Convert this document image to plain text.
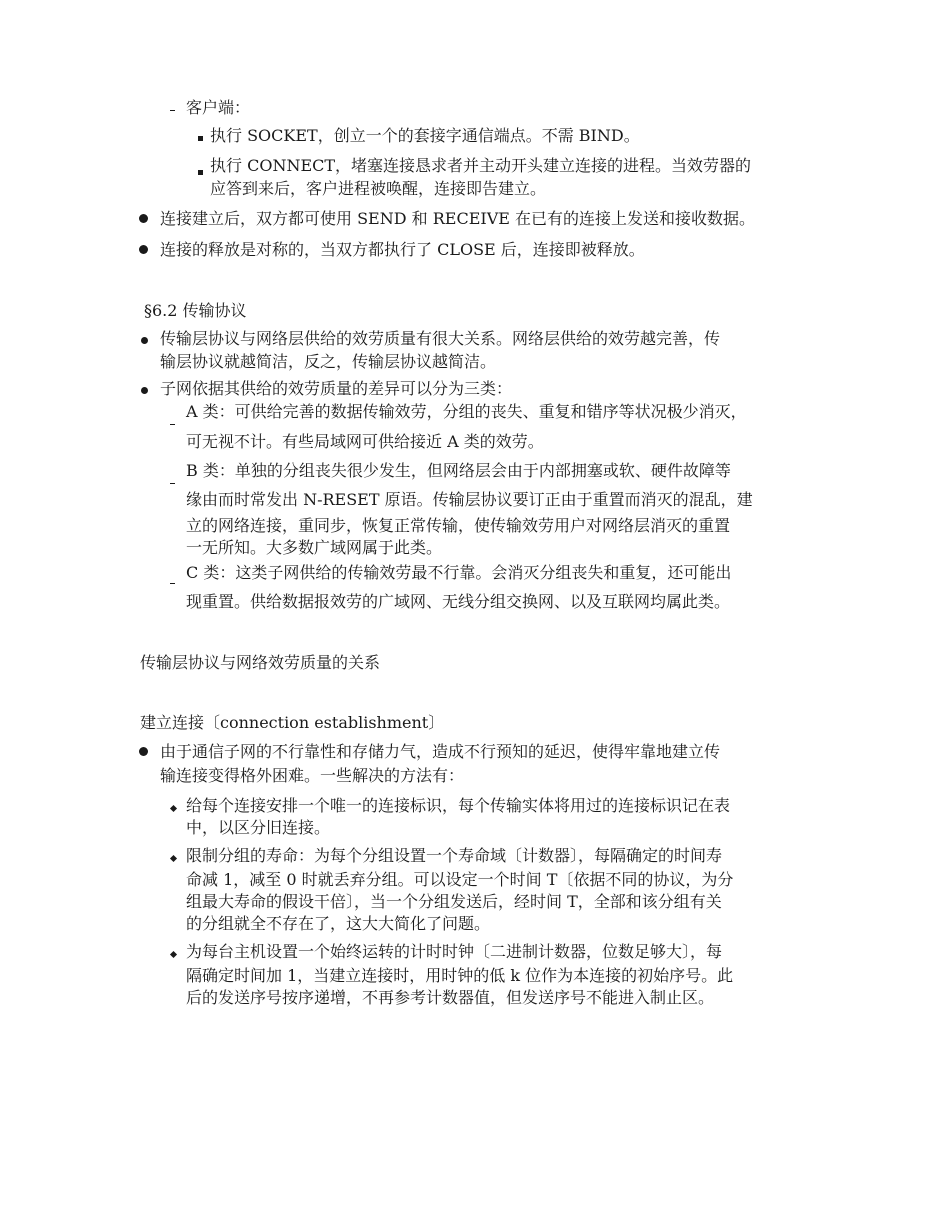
客户端：
执行 SOCKET，创立一个的套接字通信端点。不需 BIND。
执行 CONNECT，堵塞连接恳求者并主动开头建立连接的进程。当效劳器的
应答到来后，客户进程被唤醒，连接即告建立。
连接建立后，双方都可使用 SEND 和 RECEIVE 在已有的连接上发送和接收数据。
连接的释放是对称的，当双方都执行了 CLOSE 后，连接即被释放。
§6.2 传输协议
传输层协议与网络层供给的效劳质量有很大关系。网络层供给的效劳越完善，传
输层协议就越简洁，反之，传输层协议越简洁。
子网依据其供给的效劳质量的差异可以分为三类：
A 类：可供给完善的数据传输效劳，分组的丧失、重复和错序等状况极少消灭，
可无视不计。有些局域网可供给接近 A 类的效劳。
B 类：单独的分组丧失很少发生，但网络层会由于内部拥塞或软、硬件故障等
缘由而时常发出 N-RESET 原语。传输层协议要订正由于重置而消灭的混乱，建
立的网络连接，重同步，恢复正常传输，使传输效劳用户对网络层消灭的重置
一无所知。大多数广域网属于此类。
C 类：这类子网供给的传输效劳最不行靠。会消灭分组丧失和重复，还可能出
现重置。供给数据报效劳的广域网、无线分组交换网、以及互联网均属此类。
传输层协议与网络效劳质量的关系
建立连接〔connection establishment〕
由于通信子网的不行靠性和存储力气，造成不行预知的延迟，使得牢靠地建立传
输连接变得格外困难。一些解决的方法有：
给每个连接安排一个唯一的连接标识，每个传输实体将用过的连接标识记在表
中，以区分旧连接。
限制分组的寿命：为每个分组设置一个寿命域〔计数器〕，每隔确定的时间寿
命减 1，减至 0 时就丢弃分组。可以设定一个时间 T〔依据不同的协议，为分
组最大寿命的假设干倍〕，当一个分组发送后，经时间 T，全部和该分组有关
的分组就全不存在了，这大大简化了问题。
为每台主机设置一个始终运转的计时时钟〔二进制计数器，位数足够大〕，每
隔确定时间加 1，当建立连接时，用时钟的低 k 位作为本连接的初始序号。此
后的发送序号按序递增，不再参考计数器值，但发送序号不能进入制止区。
